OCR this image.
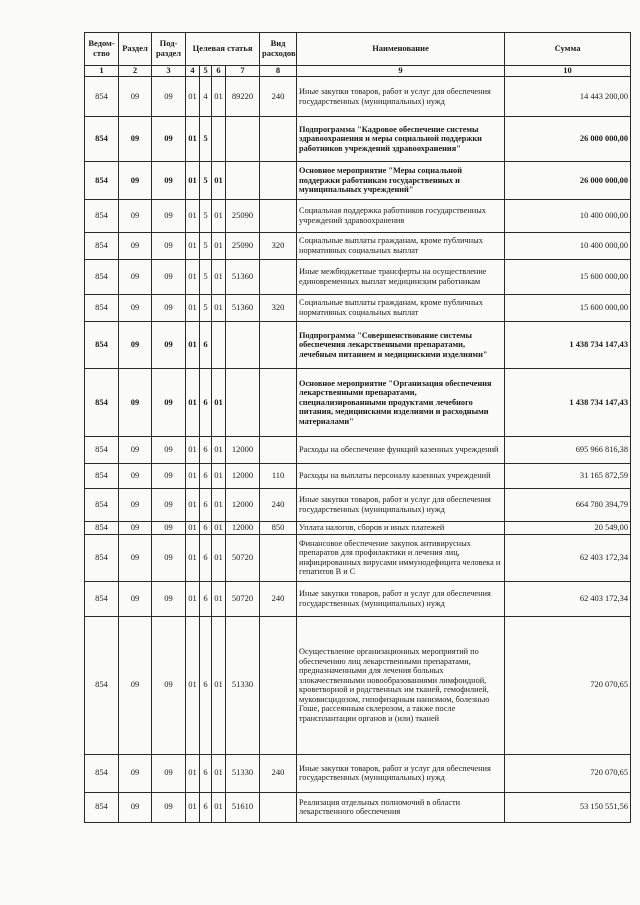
Ведом-ство	Раздел	Под-раздел	Целевая статья				Вид расходов	Наименование	Сумма
1	2	3	4	5	6	7	8	9	10
854	09	09	01	4	01	89220	240	Иные закупки товаров, работ и услуг для обеспечения государственных (муниципальных) нужд	14 443 200,00
854	09	09	01	5				Подпрограмма "Кадровое обеспечение системы здравоохранения и меры социальной поддержки работников учреждений здравоохранения"	26 000 000,00
854	09	09	01	5	01			Основное мероприятие "Меры социальной поддержки работникам государственных и муниципальных учреждений"	26 000 000,00
854	09	09	01	5	01	25090		Социальная поддержка работников государственных учреждений здравоохранения	10 400 000,00
854	09	09	01	5	01	25090	320	Социальные выплаты гражданам, кроме публичных нормативных социальных выплат	10 400 000,00
854	09	09	01	5	01	51360		Иные межбюджетные трансферты на осуществление единовременных выплат медицинским работникам	15 600 000,00
854	09	09	01	5	01	51360	320	Социальные выплаты гражданам, кроме публичных нормативных социальных выплат	15 600 000,00
854	09	09	01	6				Подпрограмма "Совершенствование системы обеспечения лекарственными препаратами, лечебным питанием и медицинскими изделиями"	1 438 734 147,43
854	09	09	01	6	01			Основное мероприятие "Организация обеспечения лекарственными препаратами, специализированными продуктами лечебного питания, медицинскими изделиями и расходными материалами"	1 438 734 147,43
854	09	09	01	6	01	12000		Расходы на обеспечение функций казенных учреждений	695 966 816,38
854	09	09	01	6	01	12000	110	Расходы на выплаты персоналу казенных учреждений	31 165 872,59
854	09	09	01	6	01	12000	240	Иные закупки товаров, работ и услуг для обеспечения государственных (муниципальных) нужд	664 780 394,79
854	09	09	01	6	01	12000	850	Уплата налогов, сборов и иных платежей	20 549,00
854	09	09	01	6	01	50720		Финансовое обеспечение закупок антивирусных препаратов для профилактики и лечения лиц, инфицированных вирусами иммунодефицита человека и гепатитов В и С	62 403 172,34
854	09	09	01	6	01	50720	240	Иные закупки товаров, работ и услуг для обеспечения государственных (муниципальных) нужд	62 403 172,34
854	09	09	01	6	01	51330		Осуществление организационных мероприятий по обеспечению лиц лекарственными препаратами, предназначенными для лечения больных злокачественными новообразованиями лимфоидной, кроветворной и родственных им тканей, гемофилией, муковисцидозом, гипофизарным нанизмом, болезнью Гоше, рассеянным склерозом, а также после трансплантации органов и (или) тканей	720 070,65
854	09	09	01	6	01	51330	240	Иные закупки товаров, работ и услуг для обеспечения государственных (муниципальных) нужд	720 070,65
854	09	09	01	6	01	51610		Реализация отдельных полномочий в области лекарственного обеспечения	53 150 551,56
